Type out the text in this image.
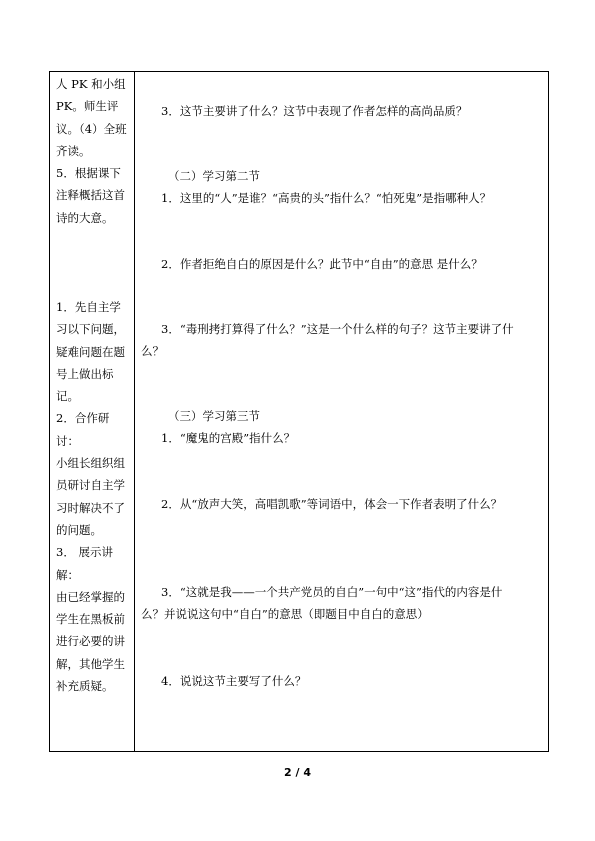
人 PK 和小组
PK。师生评
议。（4）全班
齐读。
5．根据课下
注释概括这首
诗的大意。
1．先自主学
习以下问题，
疑难问题在题
号上做出标
记。
2．合作研
讨：
小组长组织组
员研讨自主学
习时解决不了
的问题。
3． 展示讲
解：
由已经掌握的
学生在黑板前
进行必要的讲
解，其他学生
补充质疑。
3．这节主要讲了什么？这节中表现了作者怎样的高尚品质？
（二）学习第二节
1．这里的“人”是谁？“高贵的头”指什么？“怕死鬼”是指哪种人？
2．作者拒绝自白的原因是什么？此节中“自由”的意思 是什么？
3．“毒刑拷打算得了什么？”这是一个什么样的句子？这节主要讲了什
么？
（三）学习第三节
1．“魔鬼的宫殿”指什么？
2．从“放声大笑，高唱凯歌”等词语中，体会一下作者表明了什么？
3．“这就是我——一个共产党员的自白”一句中“这”指代的内容是什
么？并说说这句中“自白”的意思（即题目中自白的意思）
4．说说这节主要写了什么？
2 / 4
